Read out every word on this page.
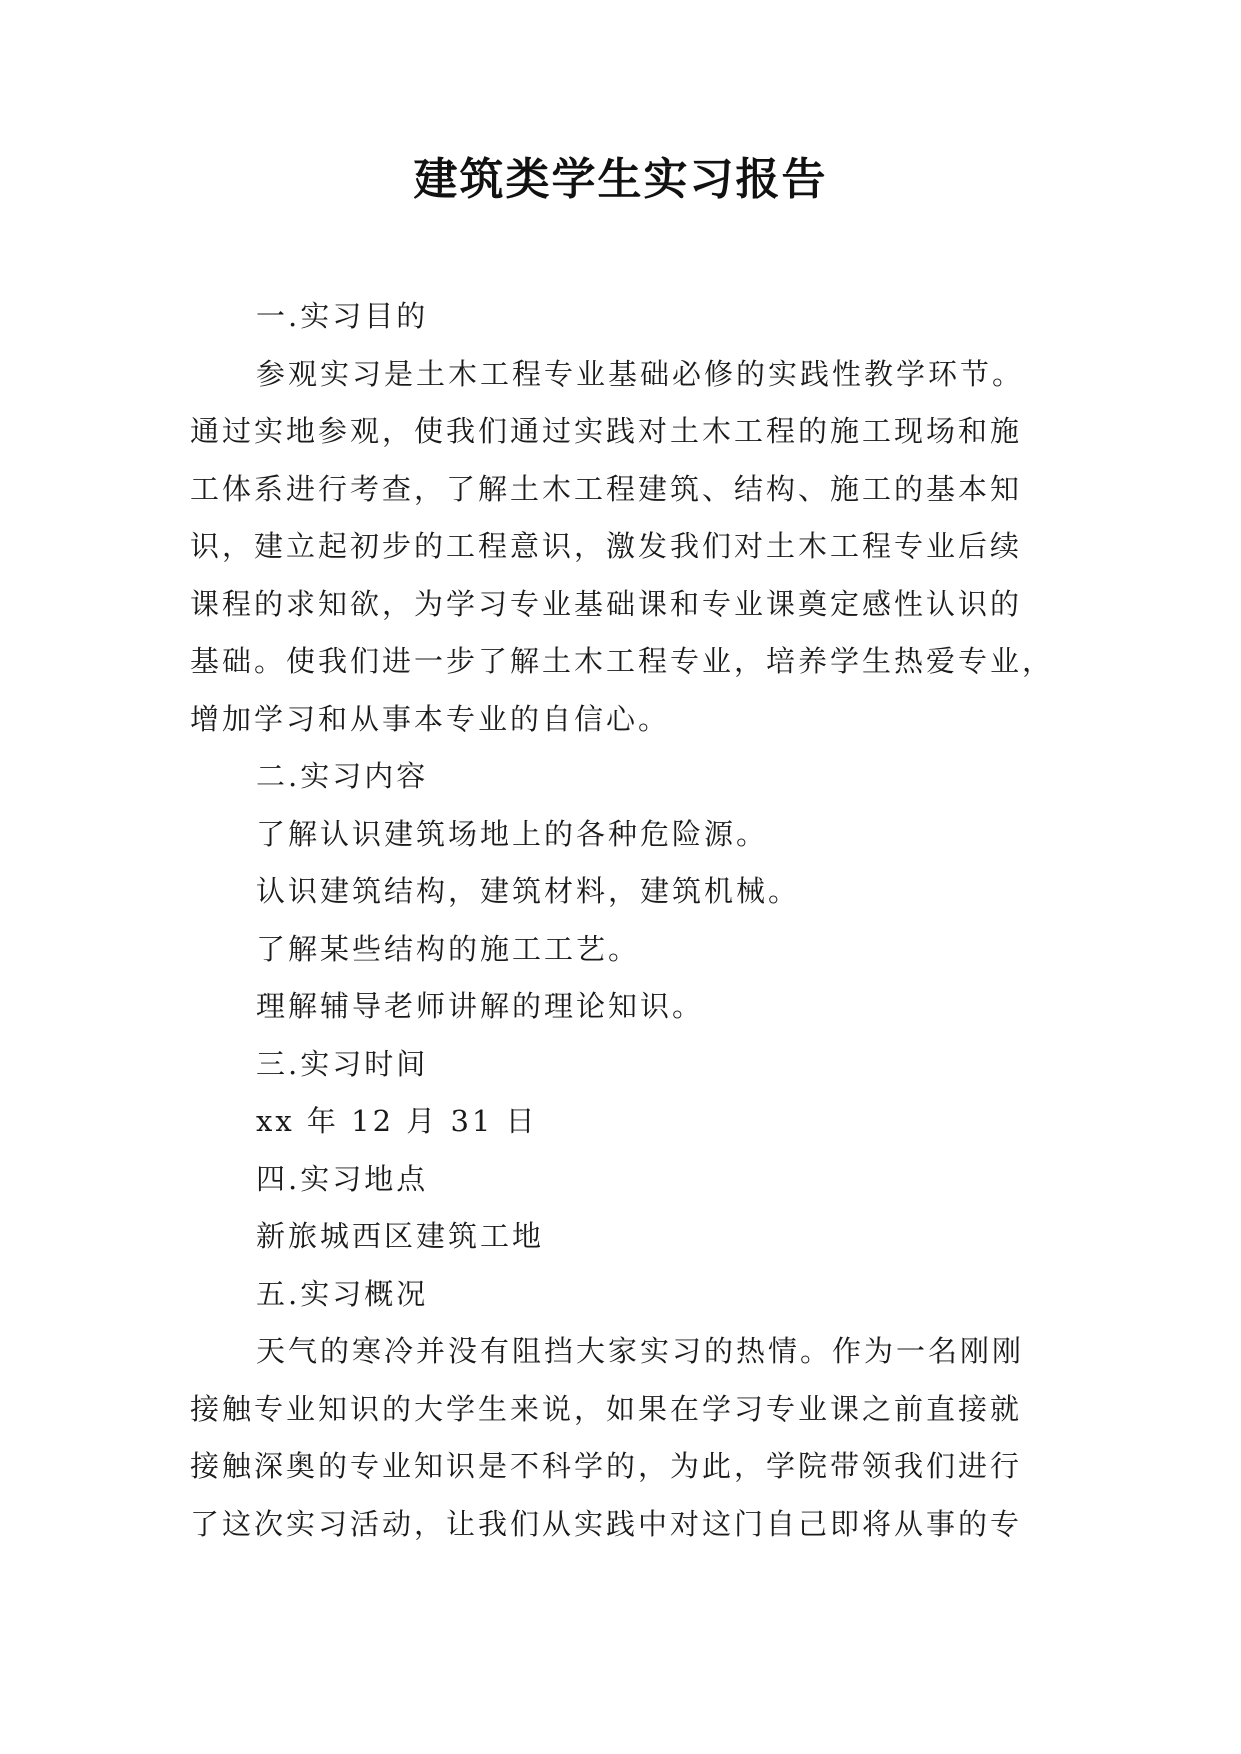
建筑类学生实习报告
一.实习目的
参观实习是土木工程专业基础必修的实践性教学环节。
通过实地参观，使我们通过实践对土木工程的施工现场和施
工体系进行考查，了解土木工程建筑、结构、施工的基本知
识，建立起初步的工程意识，激发我们对土木工程专业后续
课程的求知欲，为学习专业基础课和专业课奠定感性认识的
基础。使我们进一步了解土木工程专业，培养学生热爱专业，
增加学习和从事本专业的自信心。
二.实习内容
了解认识建筑场地上的各种危险源。
认识建筑结构，建筑材料，建筑机械。
了解某些结构的施工工艺。
理解辅导老师讲解的理论知识。
三.实习时间
xx 年 12 月 31 日
四.实习地点
新旅城西区建筑工地
五.实习概况
天气的寒冷并没有阻挡大家实习的热情。作为一名刚刚
接触专业知识的大学生来说，如果在学习专业课之前直接就
接触深奥的专业知识是不科学的，为此，学院带领我们进行
了这次实习活动，让我们从实践中对这门自己即将从事的专
